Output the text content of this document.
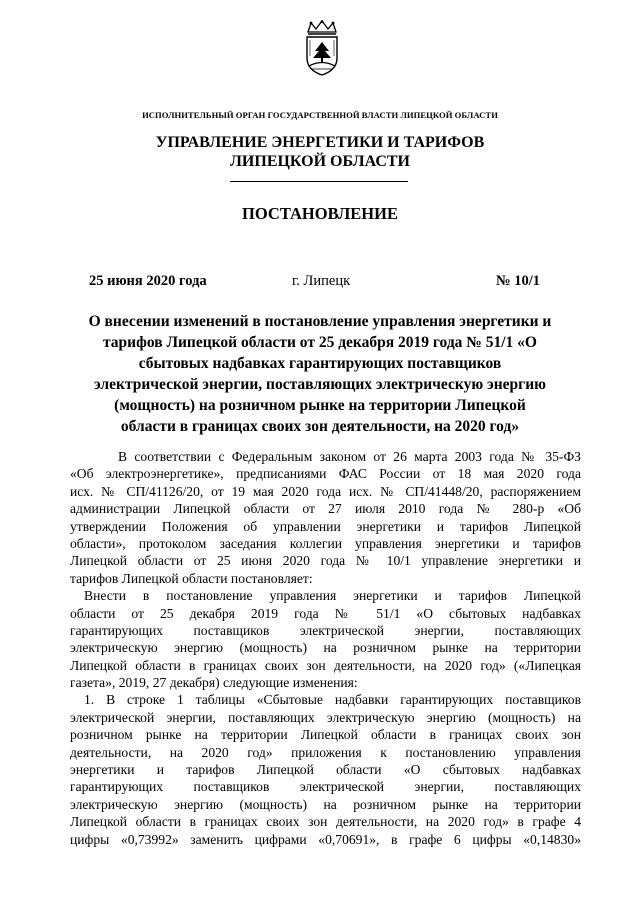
ИСПОЛНИТЕЛЬНЫЙ ОРГАН ГОСУДАРСТВЕННОЙ ВЛАСТИ ЛИПЕЦКОЙ ОБЛАСТИ
УПРАВЛЕНИЕ ЭНЕРГЕТИКИ И ТАРИФОВ
ЛИПЕЦКОЙ ОБЛАСТИ
ПОСТАНОВЛЕНИЕ
25 июня 2020 года	г. Липецк	№ 10/1
О внесении изменений в постановление управления энергетики и
тарифов Липецкой области от 25 декабря 2019 года № 51/1 «О
сбытовых надбавках гарантирующих поставщиков
электрической энергии, поставляющих электрическую энергию
(мощность) на розничном рынке на территории Липецкой
области в границах своих зон деятельности, на 2020 год»
В соответствии с Федеральным законом от 26 марта 2003 года № 35-ФЗ
«Об электроэнергетике», предписаниями ФАС России от 18 мая 2020 года
исх. № СП/41126/20, от 19 мая 2020 года исх. № СП/41448/20, распоряжением
администрации Липецкой области от 27 июля 2010 года № 280-р «Об
утверждении Положения об управлении энергетики и тарифов Липецкой
области», протоколом заседания коллегии управления энергетики и тарифов
Липецкой области от 25 июня 2020 года № 10/1 управление энергетики и
тарифов Липецкой области постановляет:
Внести в постановление управления энергетики и тарифов Липецкой
области от 25 декабря 2019 года № 51/1 «О сбытовых надбавках
гарантирующих поставщиков электрической энергии, поставляющих
электрическую энергию (мощность) на розничном рынке на территории
Липецкой области в границах своих зон деятельности, на 2020 год» («Липецкая
газета», 2019, 27 декабря) следующие изменения:
1. В строке 1 таблицы «Сбытовые надбавки гарантирующих поставщиков
электрической энергии, поставляющих электрическую энергию (мощность) на
розничном рынке на территории Липецкой области в границах своих зон
деятельности, на 2020 год» приложения к постановлению управления
энергетики и тарифов Липецкой области «О сбытовых надбавках
гарантирующих поставщиков электрической энергии, поставляющих
электрическую энергию (мощность) на розничном рынке на территории
Липецкой области в границах своих зон деятельности, на 2020 год» в графе 4
цифры «0,73992» заменить цифрами «0,70691», в графе 6 цифры «0,14830»
